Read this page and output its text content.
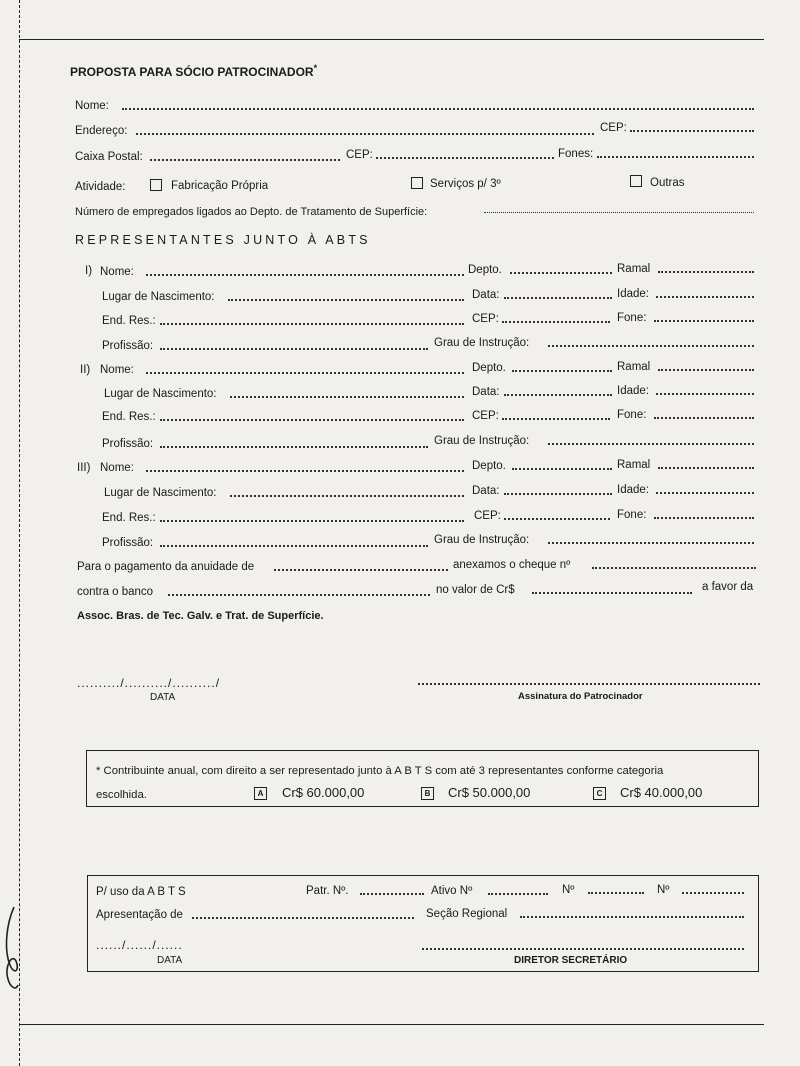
PROPOSTA PARA SÓCIO PATROCINADOR*
Nome:
Endereço:	CEP:
Caixa Postal:	CEP:	Fones:
Atividade:	Fabricação Própria	Serviços p/ 3º	Outras
Número de empregados ligados ao Depto. de Tratamento de Superfície:
REPRESENTANTES JUNTO À ABTS
I) Nome:	Depto.	Ramal
Lugar de Nascimento:	Data:	Idade:
End. Res.:	CEP:	Fone:
Profissão:	Grau de Instrução:
II) Nome:	Depto.	Ramal
Lugar de Nascimento:	Data:	Idade:
End. Res.:	CEP:	Fone:
Profissão:	Grau de Instrução:
III) Nome:	Depto.	Ramal
Lugar de Nascimento:	Data:	Idade:
End. Res.:	CEP:	Fone:
Profissão:	Grau de Instrução:
Para o pagamento da anuidade de	anexamos o cheque nº
contra o banco	no valor de Cr$	a favor da
Assoc. Bras. de Tec. Galv. e Trat. de Superfície.
........../........../........../
DATA	Assinatura do Patrocinador
* Contribuinte anual, com direito a ser representado junto à A B T S com até 3 representantes conforme categoria
escolhida.	A Cr$ 60.000,00	B Cr$ 50.000,00	C Cr$ 40.000,00
P/ uso da A B T S	Patr. Nº.	Ativo Nº	Nº	Nº
Apresentação de	Seção Regional
....../....../......
DATA	DIRETOR SECRETÁRIO
